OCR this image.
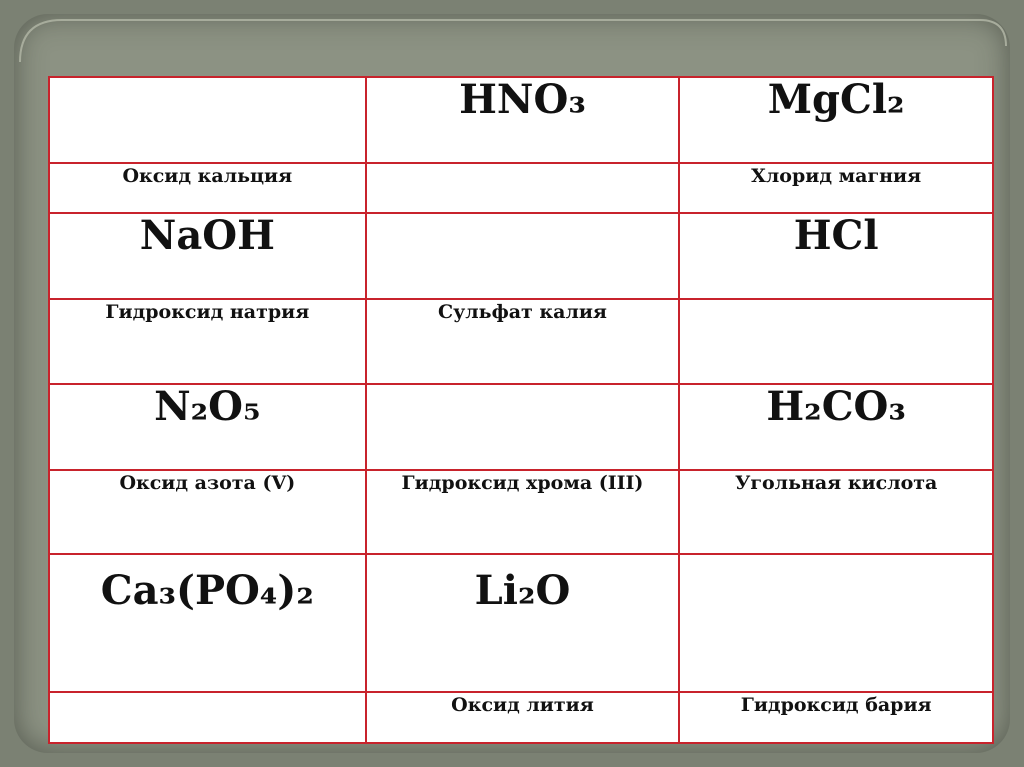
	HNO₃	MgCl₂
Оксид кальция		Хлорид магния
NaOH		HCl
Гидроксид натрия	Сульфат калия	
N₂O₅		H₂CO₃
Оксид азота (V)	Гидроксид хрома (III)	Угольная кислота
Ca₃(PO₄)₂	Li₂O	
	Оксид лития	Гидроксид бария
